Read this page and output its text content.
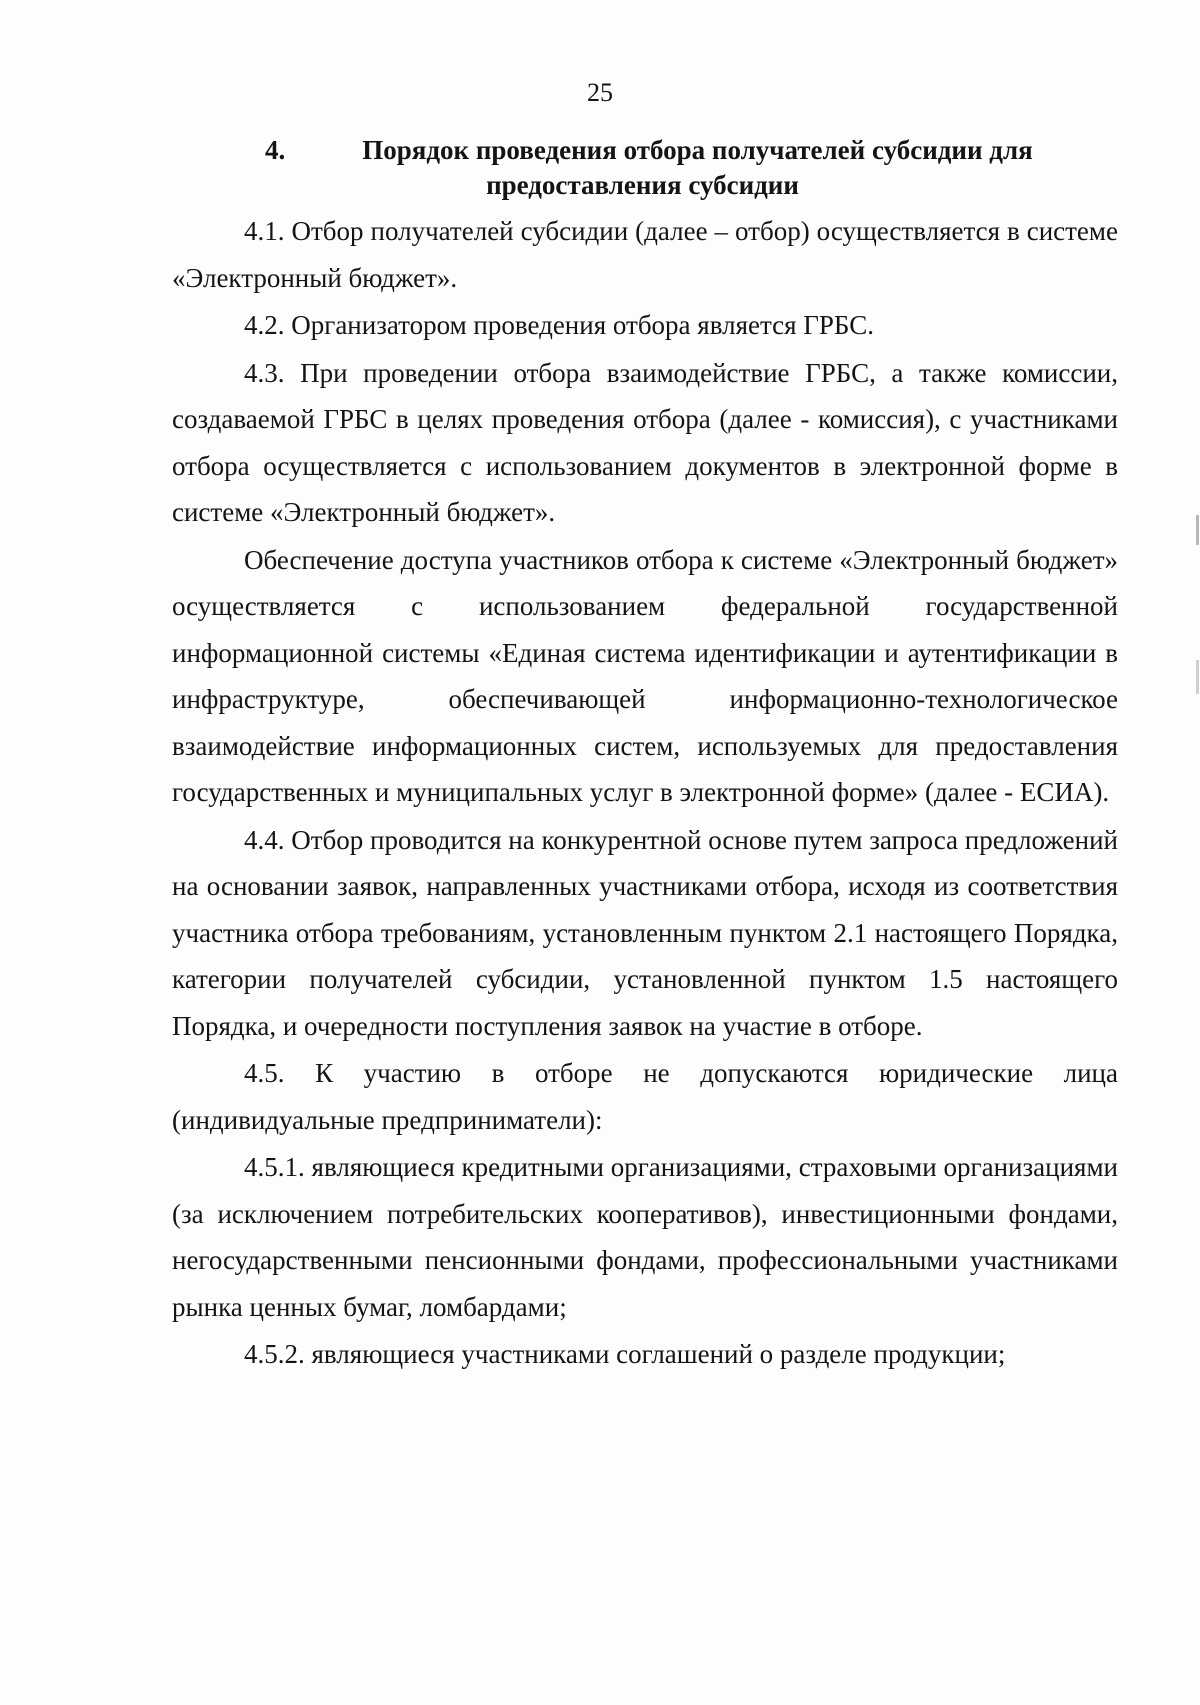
25
4.	Порядок проведения отбора получателей субсидии для
предоставления субсидии

4.1. Отбор получателей субсидии (далее – отбор) осуществляется в системе «Электронный бюджет».

4.2. Организатором проведения отбора является ГРБС.

4.3. При проведении отбора взаимодействие ГРБС, а также комиссии, создаваемой ГРБС в целях проведения отбора (далее - комиссия), с участниками отбора осуществляется с использованием документов в электронной форме в системе «Электронный бюджет».

Обеспечение доступа участников отбора к системе «Электронный бюджет» осуществляется с использованием федеральной государственной информационной системы «Единая система идентификации и аутентификации в инфраструктуре, обеспечивающей информационно-технологическое взаимодействие информационных систем, используемых для предоставления государственных и муниципальных услуг в электронной форме» (далее - ЕСИА).

4.4. Отбор проводится на конкурентной основе путем запроса предложений на основании заявок, направленных участниками отбора, исходя из соответствия участника отбора требованиям, установленным пунктом 2.1 настоящего Порядка, категории получателей субсидии, установленной пунктом 1.5 настоящего Порядка, и очередности поступления заявок на участие в отборе.

4.5. К участию в отборе не допускаются юридические лица (индивидуальные предприниматели):

4.5.1. являющиеся кредитными организациями, страховыми организациями (за исключением потребительских кооперативов), инвестиционными фондами, негосударственными пенсионными фондами, профессиональными участниками рынка ценных бумаг, ломбардами;

4.5.2. являющиеся участниками соглашений о разделе продукции;
